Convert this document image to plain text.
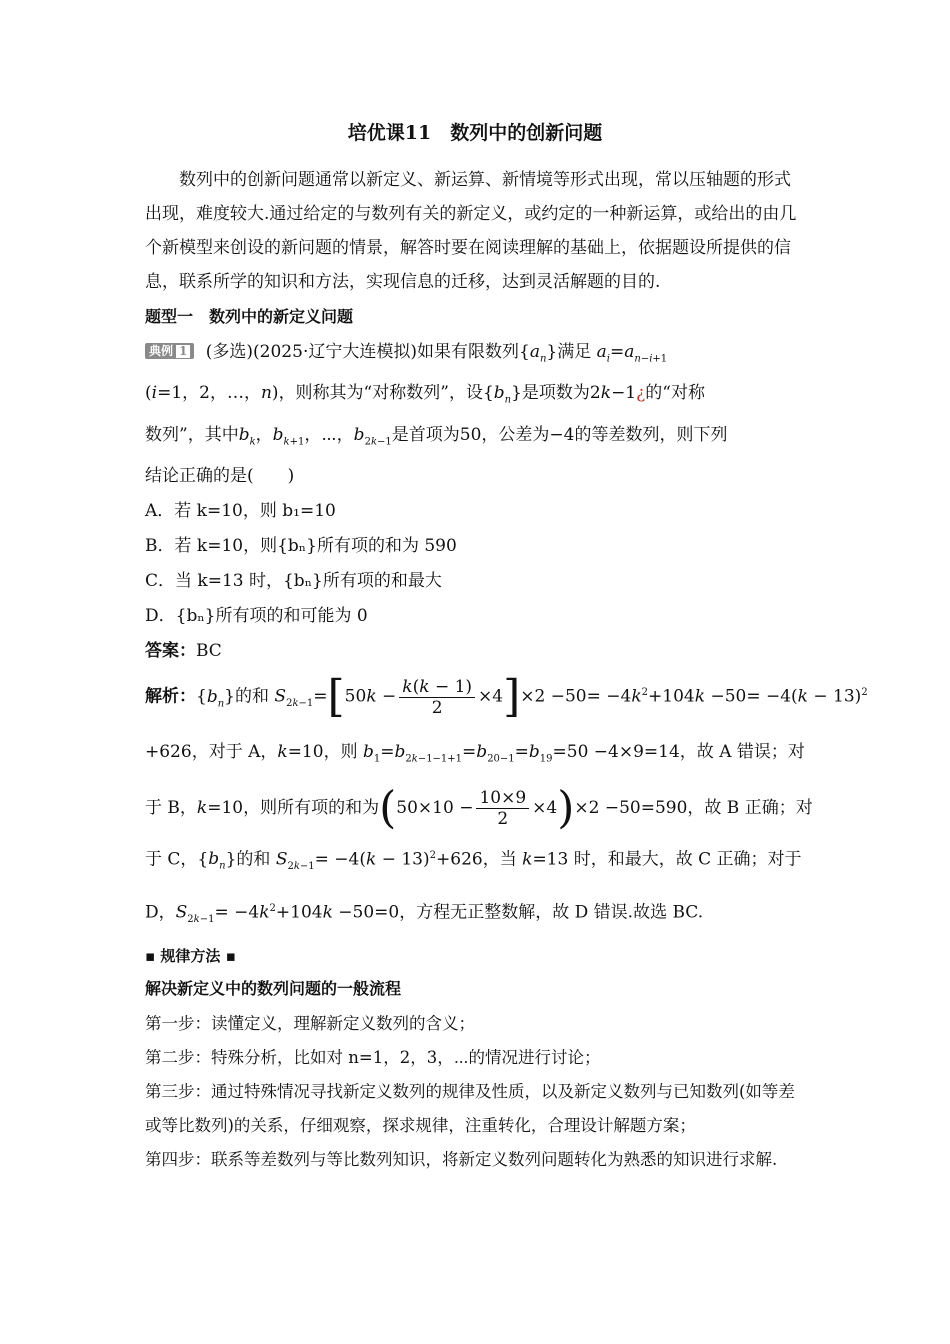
培优课11　数列中的创新问题

数列中的创新问题通常以新定义、新运算、新情境等形式出现，常以压轴题的形式出现，难度较大.通过给定的与数列有关的新定义，或约定的一种新运算，或给出的由几个新模型来创设的新问题的情景，解答时要在阅读理解的基础上，依据题设所提供的信息，联系所学的知识和方法，实现信息的迁移，达到灵活解题的目的.

题型一　数列中的新定义问题

典例 1 (多选)(2025·辽宁大连模拟)如果有限数列$\{a_n\}$满足 $a_i=a_{n-i+1}$

(i=1，2，…，n)，则称其为“对称数列”，设$\{b_n\}$是项数为2k−1¿的“对称

数列”，其中$b_k$，$b_{k+1}$，⋯，$b_{2k-1}$是首项为50，公差为−4的等差数列，则下列

结论正确的是(　　)

A．若 k=10，则 b₁=10

B．若 k=10，则{bₙ}所有项的和为 590

C．当 k=13 时，{bₙ}所有项的和最大

D．{bₙ}所有项的和可能为 0

答案：BC

解析：$\{b_n\}$的和 $S_{2k-1}=[50k - \frac{k(k - 1)}{2} \times 4]\times 2 -50= -4k^2+104k -50= -4(k - 13)^2$

+626，对于 A，k=10，则 $b_1=b_{2k-1-1+1}=b_{20-1}=b_{19}=50 -4\times 9=14$，故 A 错误；对

于 B，k=10，则所有项的和为$(50\times 10 - \frac{10\times 9}{2} \times 4)\times 2 -50=590$，故 B 正确；对

于 C，$\{b_n\}$的和 $S_{2k-1}= -4(k - 13)^2+626$，当 k=13 时，和最大，故 C 正确；对于

D，$S_{2k-1}= -4k^2+104k -50=0$，方程无正整数解，故 D 错误.故选 BC.

▪ 规律方法 ▪

解决新定义中的数列问题的一般流程

第一步：读懂定义，理解新定义数列的含义；

第二步：特殊分析，比如对 n=1，2，3，⋯的情况进行讨论；

第三步：通过特殊情况寻找新定义数列的规律及性质，以及新定义数列与已知数列(如等差或等比数列)的关系，仔细观察，探求规律，注重转化，合理设计解题方案；

第四步：联系等差数列与等比数列知识，将新定义数列问题转化为熟悉的知识进行求解.
